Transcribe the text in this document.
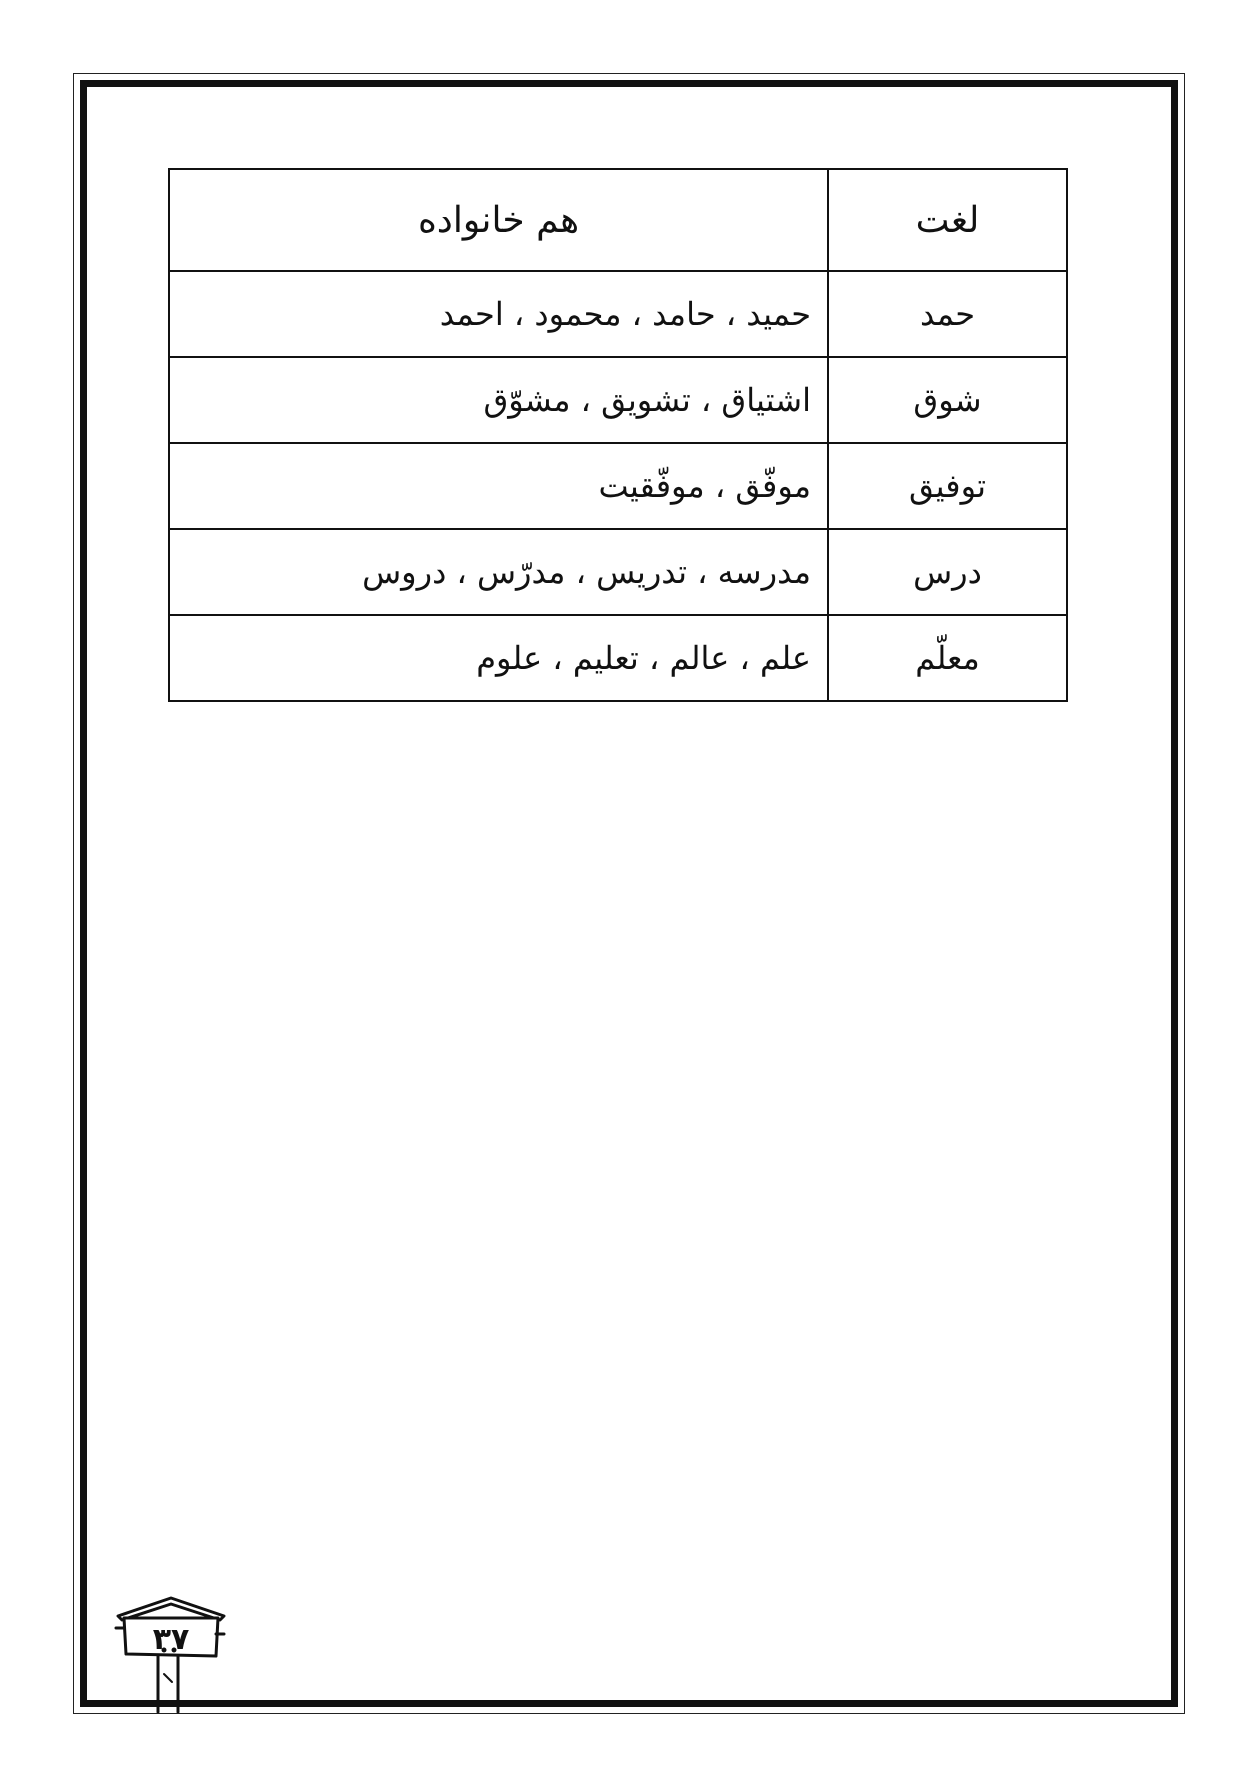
لغت	هم خانواده
حمد	حمید ، حامد ، محمود ، احمد
شوق	اشتیاق ، تشویق ، مشوّق
توفیق	موفّق ، موفّقیت
درس	مدرسه ، تدریس ، مدرّس ، دروس
معلّم	علم ، عالم ، تعلیم ، علوم
۳۷
